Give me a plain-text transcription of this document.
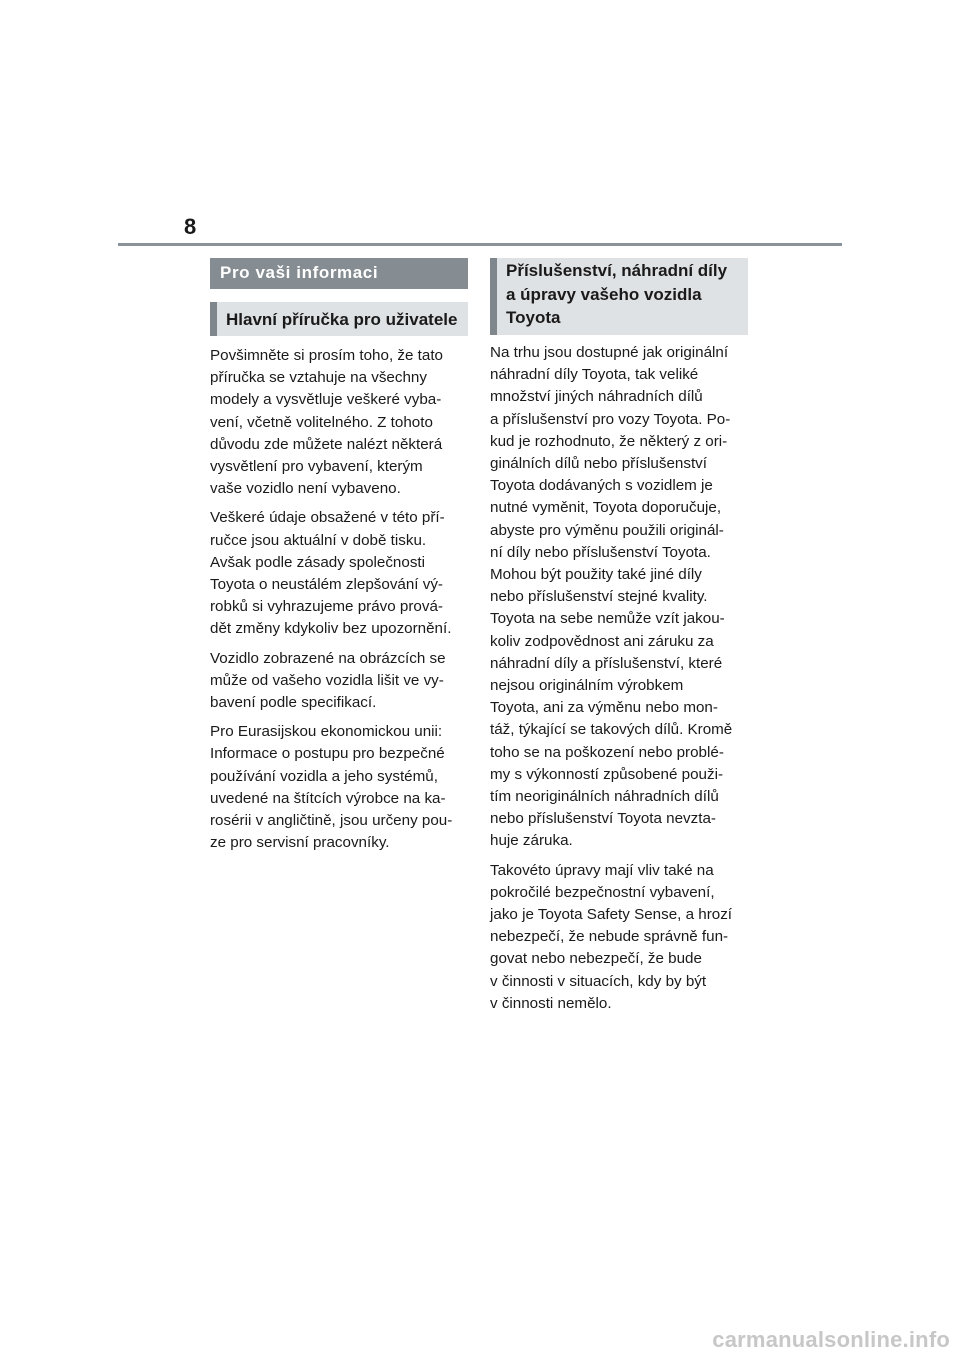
8
Pro vaši informaci
Hlavní příručka pro uživatele

Povšimněte si prosím toho, že tato
příručka se vztahuje na všechny
modely a vysvětluje veškeré vyba-
vení, včetně volitelného. Z tohoto
důvodu zde můžete nalézt některá
vysvětlení pro vybavení, kterým
vaše vozidlo není vybaveno.

Veškeré údaje obsažené v této pří-
ručce jsou aktuální v době tisku.
Avšak podle zásady společnosti
Toyota o neustálém zlepšování vý-
robků si vyhrazujeme právo prová-
dět změny kdykoliv bez upozornění.

Vozidlo zobrazené na obrázcích se
může od vašeho vozidla lišit ve vy-
bavení podle specifikací.

Pro Eurasijskou ekonomickou unii:
Informace o postupu pro bezpečné
používání vozidla a jeho systémů,
uvedené na štítcích výrobce na ka-
rosérii v angličtině, jsou určeny pou-
ze pro servisní pracovníky.

Příslušenství, náhradní díly
a úpravy vašeho vozidla
Toyota

Na trhu jsou dostupné jak originální
náhradní díly Toyota, tak veliké
množství jiných náhradních dílů
a příslušenství pro vozy Toyota. Po-
kud je rozhodnuto, že některý z ori-
ginálních dílů nebo příslušenství
Toyota dodávaných s vozidlem je
nutné vyměnit, Toyota doporučuje,
abyste pro výměnu použili originál-
ní díly nebo příslušenství Toyota.
Mohou být použity také jiné díly
nebo příslušenství stejné kvality.
Toyota na sebe nemůže vzít jakou-
koliv zodpovědnost ani záruku za
náhradní díly a příslušenství, které
nejsou originálním výrobkem
Toyota, ani za výměnu nebo mon-
táž, týkající se takových dílů. Kromě
toho se na poškození nebo problé-
my s výkonností způsobené použi-
tím neoriginálních náhradních dílů
nebo příslušenství Toyota nevzta-
huje záruka.

Takovéto úpravy mají vliv také na
pokročilé bezpečnostní vybavení,
jako je Toyota Safety Sense, a hrozí
nebezpečí, že nebude správně fun-
govat nebo nebezpečí, že bude
v činnosti v situacích, kdy by být
v činnosti nemělo.

carmanualsonline.info
